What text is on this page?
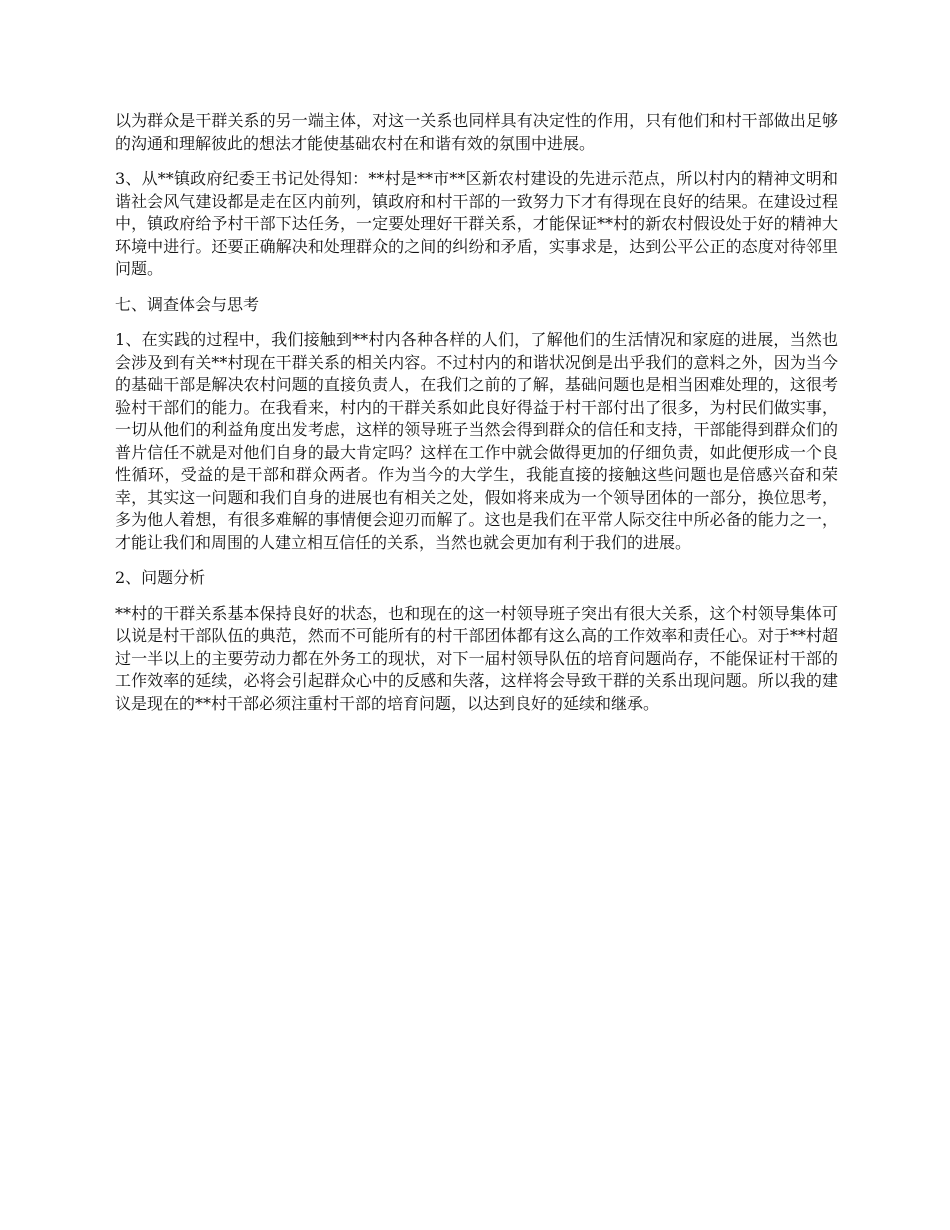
以为群众是干群关系的另一端主体，对这一关系也同样具有决定性的作用，只有他们和村干部做出足够的沟通和理解彼此的想法才能使基础农村在和谐有效的氛围中进展。

3、从**镇政府纪委王书记处得知：**村是**市**区新农村建设的先进示范点，所以村内的精神文明和谐社会风气建设都是走在区内前列，镇政府和村干部的一致努力下才有得现在良好的结果。在建设过程中，镇政府给予村干部下达任务，一定要处理好干群关系，才能保证**村的新农村假设处于好的精神大环境中进行。还要正确解决和处理群众的之间的纠纷和矛盾，实事求是，达到公平公正的态度对待邻里问题。

七、调查体会与思考

1、在实践的过程中，我们接触到**村内各种各样的人们，了解他们的生活情况和家庭的进展，当然也会涉及到有关**村现在干群关系的相关内容。不过村内的和谐状况倒是出乎我们的意料之外，因为当今的基础干部是解决农村问题的直接负责人，在我们之前的了解，基础问题也是相当困难处理的，这很考验村干部们的能力。在我看来，村内的干群关系如此良好得益于村干部付出了很多，为村民们做实事，一切从他们的利益角度出发考虑，这样的领导班子当然会得到群众的信任和支持，干部能得到群众们的普片信任不就是对他们自身的最大肯定吗？这样在工作中就会做得更加的仔细负责，如此便形成一个良性循环，受益的是干部和群众两者。作为当今的大学生，我能直接的接触这些问题也是倍感兴奋和荣幸，其实这一问题和我们自身的进展也有相关之处，假如将来成为一个领导团体的一部分，换位思考，多为他人着想，有很多难解的事情便会迎刃而解了。这也是我们在平常人际交往中所必备的能力之一，才能让我们和周围的人建立相互信任的关系，当然也就会更加有利于我们的进展。

2、问题分析

**村的干群关系基本保持良好的状态，也和现在的这一村领导班子突出有很大关系，这个村领导集体可以说是村干部队伍的典范，然而不可能所有的村干部团体都有这么高的工作效率和责任心。对于**村超过一半以上的主要劳动力都在外务工的现状，对下一届村领导队伍的培育问题尚存，不能保证村干部的工作效率的延续，必将会引起群众心中的反感和失落，这样将会导致干群的关系出现问题。所以我的建议是现在的**村干部必须注重村干部的培育问题，以达到良好的延续和继承。
